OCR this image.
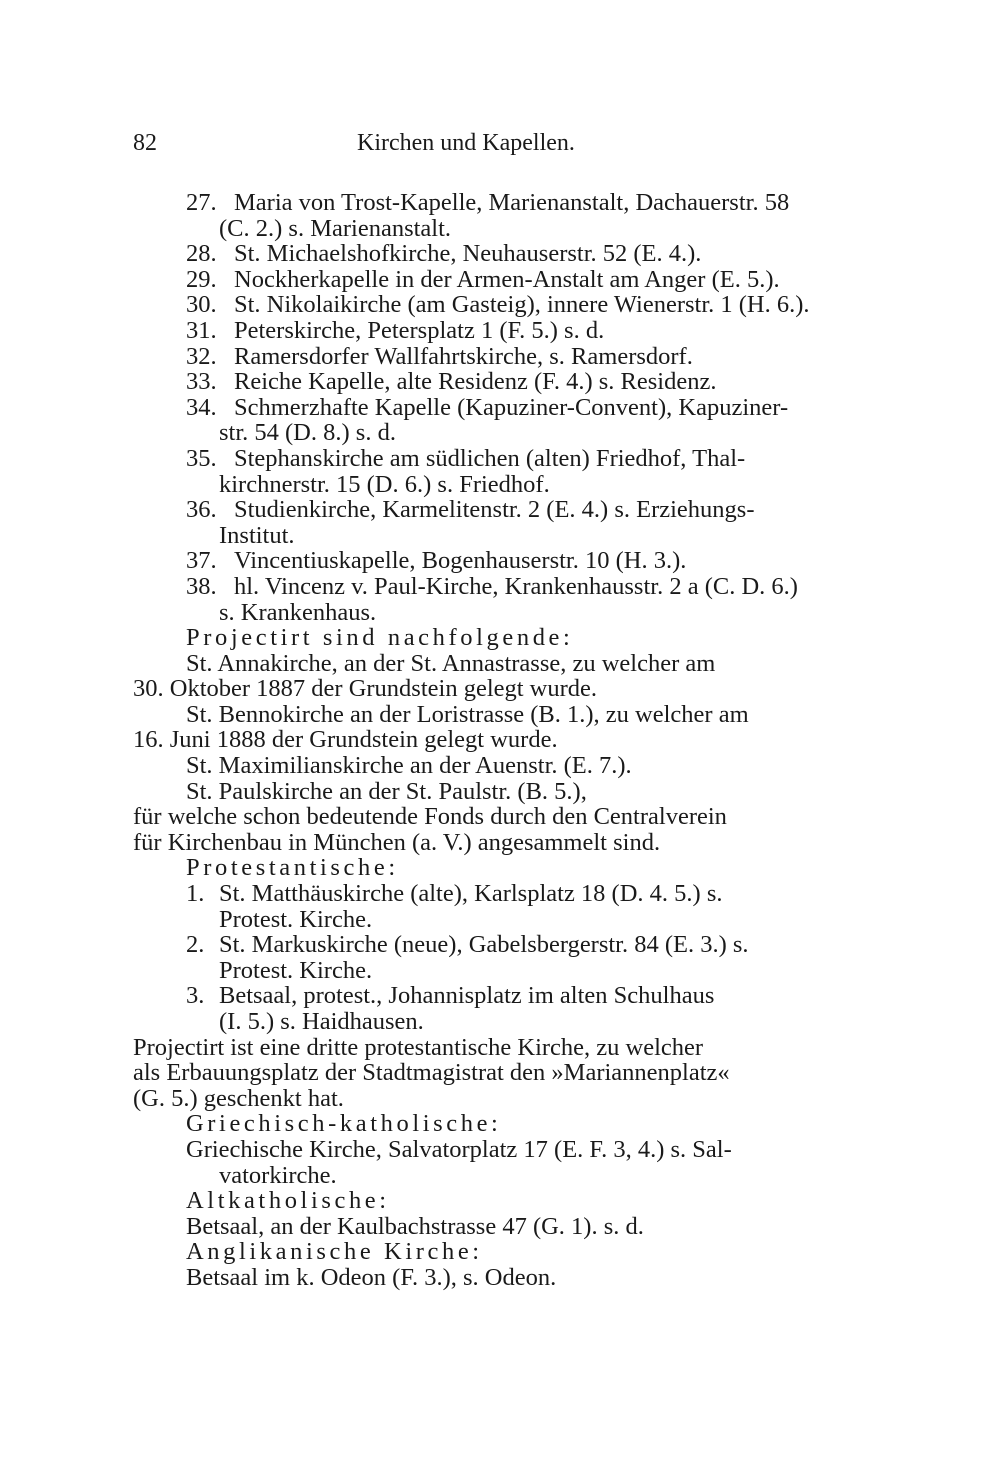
82	Kirchen und Kapellen.
27. Maria von Trost-Kapelle, Marienanstalt, Dachauerstr. 58
(C. 2.) s. Marienanstalt.
28. St. Michaelshofkirche, Neuhauserstr. 52 (E. 4.).
29. Nockherkapelle in der Armen-Anstalt am Anger (E. 5.).
30. St. Nikolaikirche (am Gasteig), innere Wienerstr. 1 (H. 6.).
31. Peterskirche, Petersplatz 1 (F. 5.) s. d.
32. Ramersdorfer Wallfahrtskirche, s. Ramersdorf.
33. Reiche Kapelle, alte Residenz (F. 4.) s. Residenz.
34. Schmerzhafte Kapelle (Kapuziner-Convent), Kapuziner-
str. 54 (D. 8.) s. d.
35. Stephanskirche am südlichen (alten) Friedhof, Thal-
kirchnerstr. 15 (D. 6.) s. Friedhof.
36. Studienkirche, Karmelitenstr. 2 (E. 4.) s. Erziehungs-
Institut.
37. Vincentiuskapelle, Bogenhauserstr. 10 (H. 3.).
38. hl. Vincenz v. Paul-Kirche, Krankenhausstr. 2 a (C. D. 6.)
s. Krankenhaus.
Projectirt sind nachfolgende:
St. Annakirche, an der St. Annastrasse, zu welcher am
30. Oktober 1887 der Grundstein gelegt wurde.
St. Bennokirche an der Loristrasse (B. 1.), zu welcher am
16. Juni 1888 der Grundstein gelegt wurde.
St. Maximilianskirche an der Auenstr. (E. 7.).
St. Paulskirche an der St. Paulstr. (B. 5.),
für welche schon bedeutende Fonds durch den Centralverein
für Kirchenbau in München (a. V.) angesammelt sind.
Protestantische:
1. St. Matthäuskirche (alte), Karlsplatz 18 (D. 4. 5.) s.
Protest. Kirche.
2. St. Markuskirche (neue), Gabelsbergerstr. 84 (E. 3.) s.
Protest. Kirche.
3. Betsaal, protest., Johannisplatz im alten Schulhaus
(I. 5.) s. Haidhausen.
Projectirt ist eine dritte protestantische Kirche, zu welcher
als Erbauungsplatz der Stadtmagistrat den »Mariannenplatz«
(G. 5.) geschenkt hat.
Griechisch-katholische:
Griechische Kirche, Salvatorplatz 17 (E. F. 3, 4.) s. Sal-
vatorkirche.
Altkatholische:
Betsaal, an der Kaulbachstrasse 47 (G. 1). s. d.
Anglikanische Kirche:
Betsaal im k. Odeon (F. 3.), s. Odeon.
